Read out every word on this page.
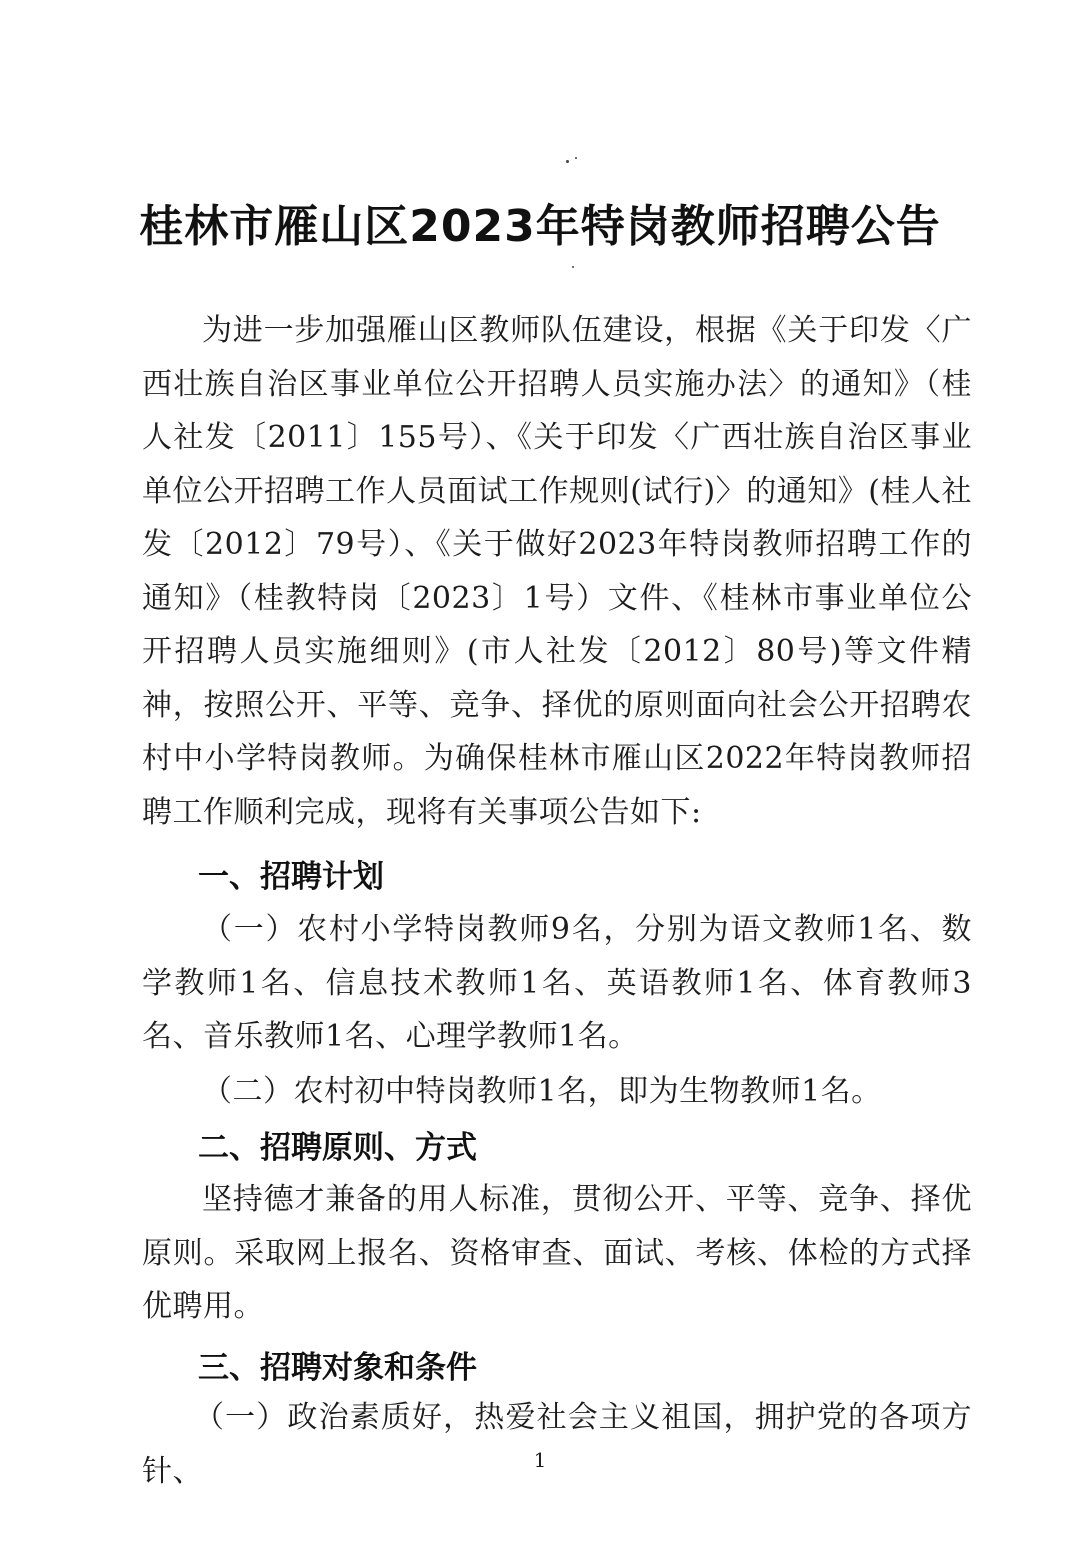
桂林市雁山区2023年特岗教师招聘公告
为进一步加强雁山区教师队伍建设，根据《关于印发〈广西壮族自治区事业单位公开招聘人员实施办法〉的通知》（桂人社发〔2011〕155号）、《关于印发〈广西壮族自治区事业单位公开招聘工作人员面试工作规则(试行)〉的通知》(桂人社发〔2012〕79号）、《关于做好2023年特岗教师招聘工作的通知》（桂教特岗〔2023〕1号）文件、《桂林市事业单位公开招聘人员实施细则》(市人社发〔2012〕80号)等文件精神，按照公开、平等、竞争、择优的原则面向社会公开招聘农村中小学特岗教师。为确保桂林市雁山区2022年特岗教师招聘工作顺利完成，现将有关事项公告如下:
一、招聘计划
（一）农村小学特岗教师9名，分别为语文教师1名、数学教师1名、信息技术教师1名、英语教师1名、体育教师3名、音乐教师1名、心理学教师1名。
（二）农村初中特岗教师1名，即为生物教师1名。
二、招聘原则、方式
坚持德才兼备的用人标准，贯彻公开、平等、竞争、择优原则。采取网上报名、资格审查、面试、考核、体检的方式择优聘用。
三、招聘对象和条件
（一）政治素质好，热爱社会主义祖国，拥护党的各项方针、	1
